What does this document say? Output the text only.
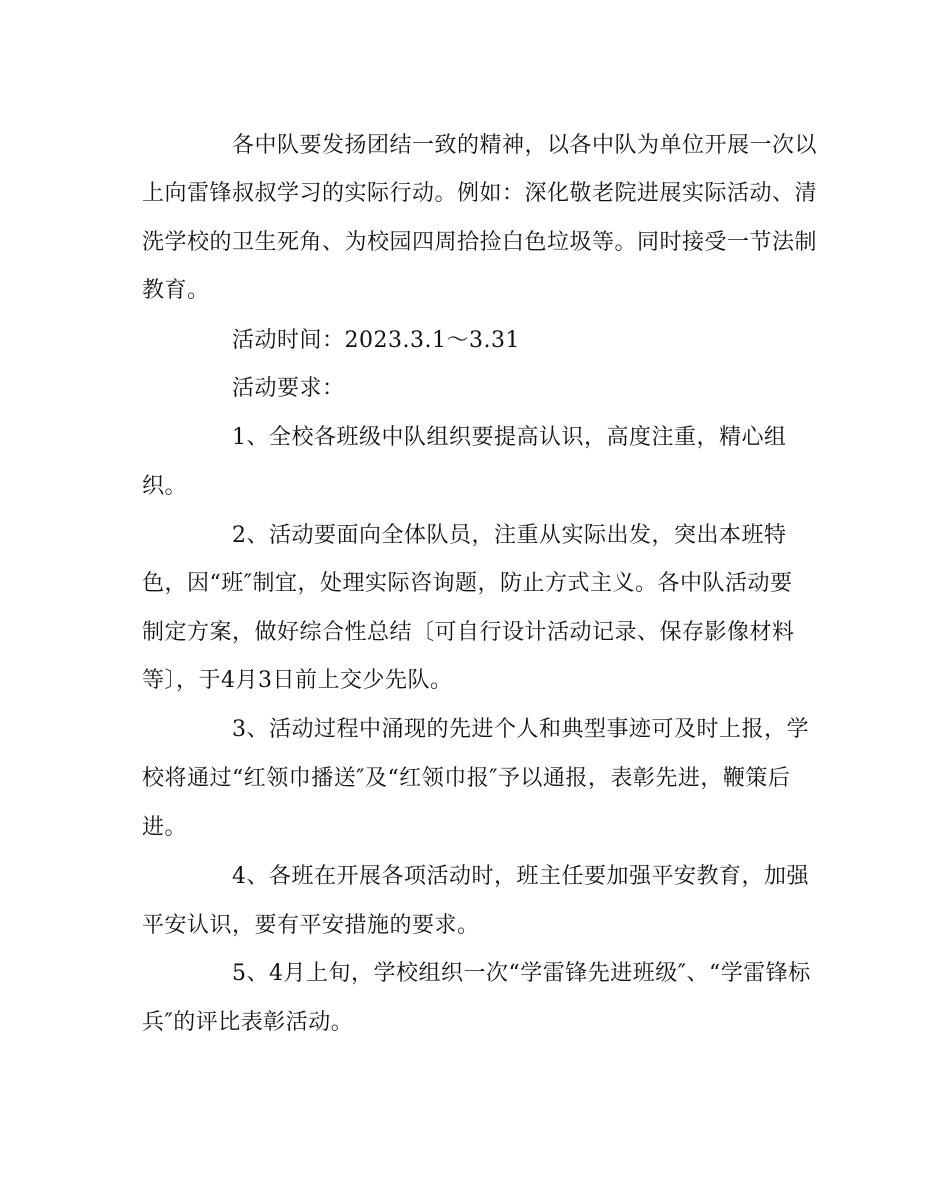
各中队要发扬团结一致的精神，以各中队为单位开展一次以
上向雷锋叔叔学习的实际行动。例如：深化敬老院进展实际活动、清
洗学校的卫生死角、为校园四周拾捡白色垃圾等。同时接受一节法制
教育。
活动时间：2023.3.1～3.31
活动要求：
1、全校各班级中队组织要提高认识，高度注重，精心组
织。
2、活动要面向全体队员，注重从实际出发，突出本班特
色，因“班″制宜，处理实际咨询题，防止方式主义。各中队活动要
制定方案，做好综合性总结〔可自行设计活动记录、保存影像材料
等〕，于4月3日前上交少先队。
3、活动过程中涌现的先进个人和典型事迹可及时上报，学
校将通过“红领巾播送″及“红领巾报″予以通报，表彰先进，鞭策后
进。
4、各班在开展各项活动时，班主任要加强平安教育，加强
平安认识，要有平安措施的要求。
5、4月上旬，学校组织一次“学雷锋先进班级″、“学雷锋标
兵″的评比表彰活动。
